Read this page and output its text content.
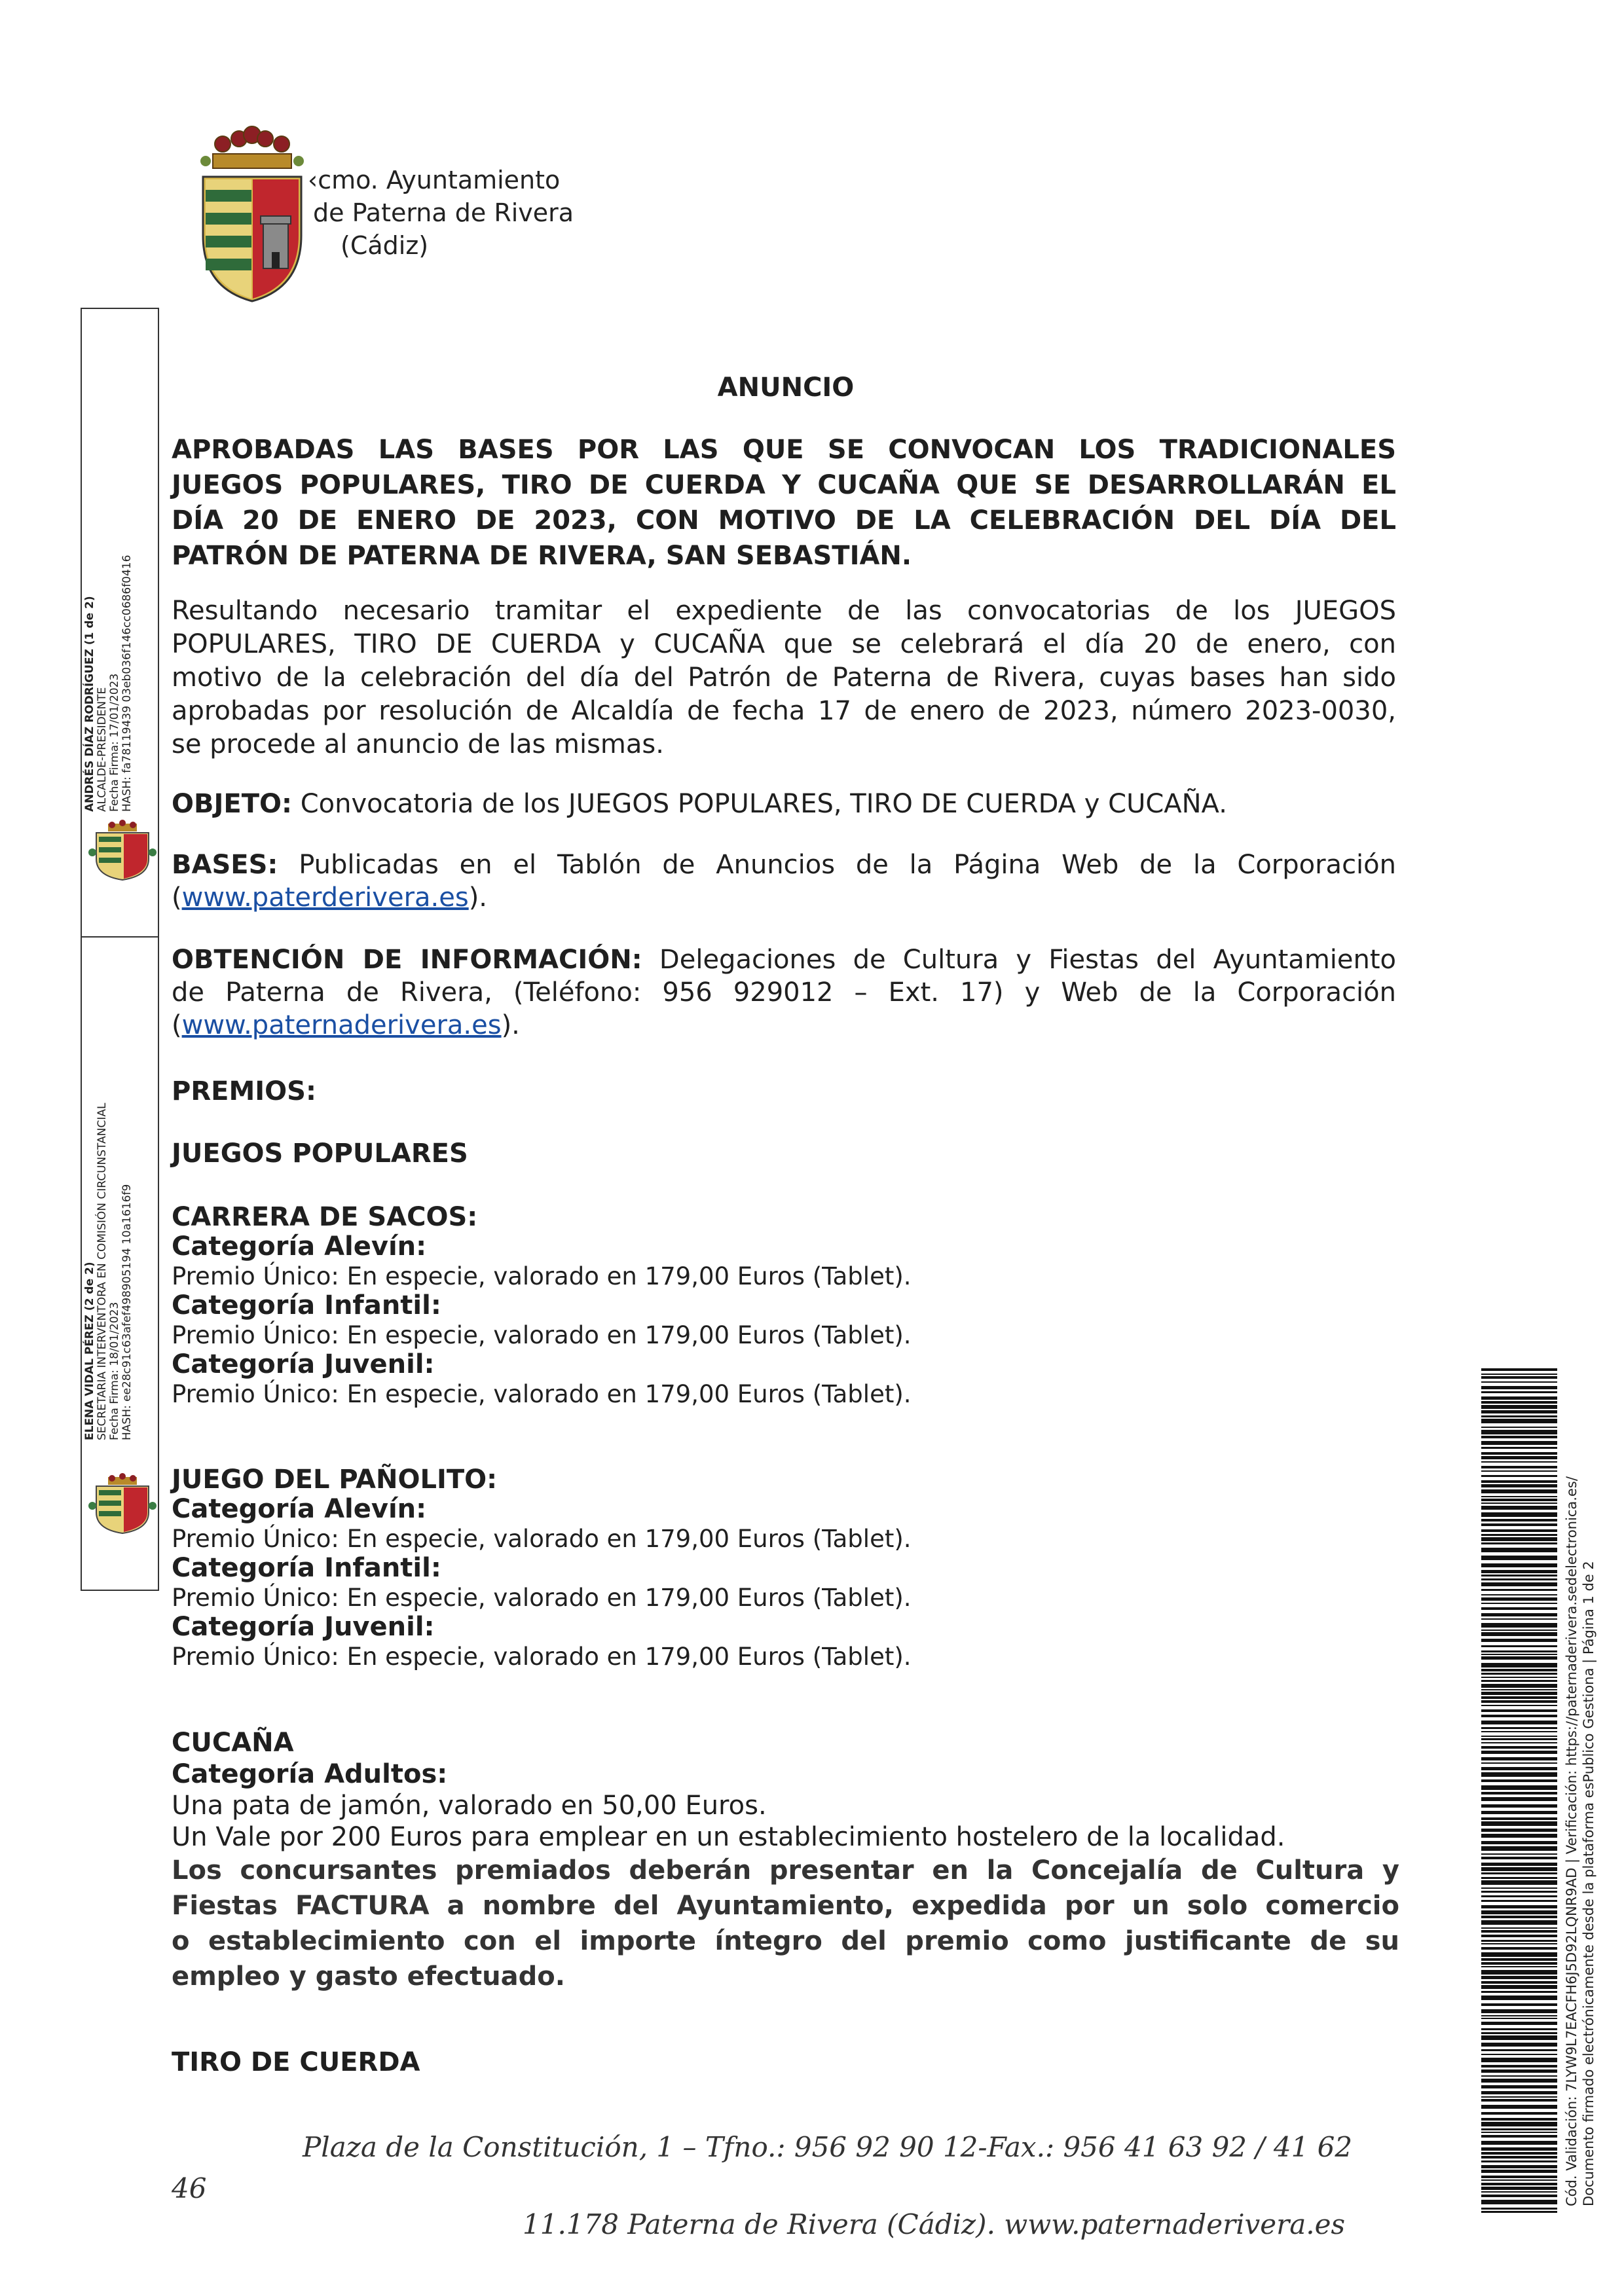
‹cmo. Ayuntamiento
de Paterna de Rivera
(Cádiz)
ANDRÉS DÍAZ RODRÍGUEZ (1 de 2) ALCALDE-PRESIDENTE Fecha Firma: 17/01/2023 HASH: fa78119439 03eb036f146cc0686f0416
ELENA VIDAL PÉREZ (2 de 2) SECRETARIA INTERVENTORA EN COMISIÓN CIRCUNSTANCIAL Fecha Firma: 18/01/2023 HASH: ee28c91c63afef498905194 10a1616f9
ANUNCIO
APROBADAS LAS BASES POR LAS QUE SE CONVOCAN LOS TRADICIONALES
JUEGOS POPULARES, TIRO DE CUERDA Y CUCAÑA QUE SE DESARROLLARÁN EL
DÍA 20 DE ENERO DE 2023, CON MOTIVO DE LA CELEBRACIÓN DEL DÍA DEL
PATRÓN DE PATERNA DE RIVERA, SAN SEBASTIÁN.
Resultando necesario tramitar el expediente de las convocatorias de los JUEGOS
POPULARES, TIRO DE CUERDA y CUCAÑA que se celebrará el día 20 de enero, con
motivo de la celebración del día del Patrón de Paterna de Rivera, cuyas bases han sido
aprobadas por resolución de Alcaldía de fecha 17 de enero de 2023, número 2023-0030,
se procede al anuncio de las mismas.
OBJETO: Convocatoria de los JUEGOS POPULARES, TIRO DE CUERDA y CUCAÑA.
BASES: Publicadas en el Tablón de Anuncios de la Página Web de la Corporación
(www.paterderivera.es).
OBTENCIÓN DE INFORMACIÓN: Delegaciones de Cultura y Fiestas del Ayuntamiento
de Paterna de Rivera, (Teléfono: 956 929012 – Ext. 17) y Web de la Corporación
(www.paternaderivera.es).
PREMIOS:
JUEGOS POPULARES
CARRERA DE SACOS:
Categoría Alevín:
Premio Único: En especie, valorado en 179,00 Euros (Tablet).
Categoría Infantil:
Premio Único: En especie, valorado en 179,00 Euros (Tablet).
Categoría Juvenil:
Premio Único: En especie, valorado en 179,00 Euros (Tablet).
JUEGO DEL PAÑOLITO:
Categoría Alevín:
Premio Único: En especie, valorado en 179,00 Euros (Tablet).
Categoría Infantil:
Premio Único: En especie, valorado en 179,00 Euros (Tablet).
Categoría Juvenil:
Premio Único: En especie, valorado en 179,00 Euros (Tablet).
CUCAÑA
Categoría Adultos:
Una pata de jamón, valorado en 50,00 Euros.
Un Vale por 200 Euros para emplear en un establecimiento hostelero de la localidad.
Los concursantes premiados deberán presentar en la Concejalía de Cultura y
Fiestas FACTURA a nombre del Ayuntamiento, expedida por un solo comercio
o establecimiento con el importe íntegro del premio como justificante de su
empleo y gasto efectuado.
TIRO DE CUERDA
Plaza de la Constitución, 1 – Tfno.: 956 92 90 12-Fax.: 956 41 63 92 / 41 62
46
11.178 Paterna de Rivera (Cádiz). www.paternaderivera.es
Cód. Validación: 7LYW9L7EACFH6J5D92LQNR9AD | Verificación: https://paternaderivera.sedelectronica.es/ Documento firmado electrónicamente desde la plataforma esPublico Gestiona | Página 1 de 2
